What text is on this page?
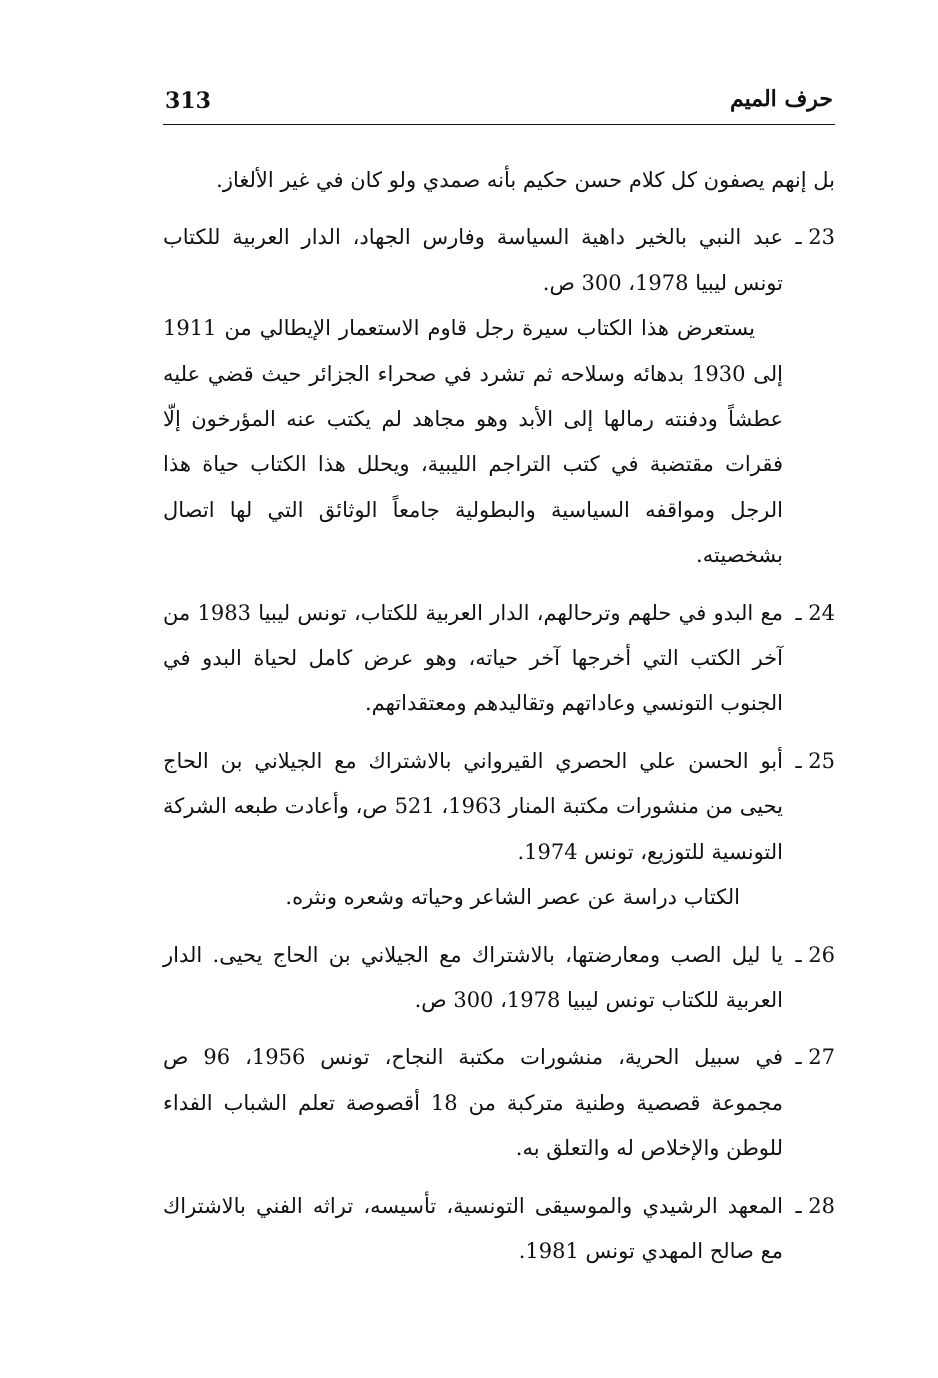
313	حرف الميم

بل إنهم يصفون كل كلام حسن حكيم بأنه صمدي ولو كان في غير الألغاز.

23 ـ
عبد النبي بالخير داهية السياسة وفارس الجهاد، الدار العربية للكتاب تونس ليبيا 1978، 300 ص.

يستعرض هذا الكتاب سيرة رجل قاوم الاستعمار الإيطالي من 1911 إلى 1930 بدهائه وسلاحه ثم تشرد في صحراء الجزائر حيث قضي عليه عطشاً ودفنته رمالها إلى الأبد وهو مجاهد لم يكتب عنه المؤرخون إلّا فقرات مقتضبة في كتب التراجم الليبية، ويحلل هذا الكتاب حياة هذا الرجل ومواقفه السياسية والبطولية جامعاً الوثائق التي لها اتصال بشخصيته.

24 ـ
مع البدو في حلهم وترحالهم، الدار العربية للكتاب، تونس ليبيا 1983 من آخر الكتب التي أخرجها آخر حياته، وهو عرض كامل لحياة البدو في الجنوب التونسي وعاداتهم وتقاليدهم ومعتقداتهم.
25 ـ
أبو الحسن علي الحصري القيرواني بالاشتراك مع الجيلاني بن الحاج يحيى من منشورات مكتبة المنار 1963، 521 ص، وأعادت طبعه الشركة التونسية للتوزيع، تونس 1974.

الكتاب دراسة عن عصر الشاعر وحياته وشعره ونثره.

26 ـ
يا ليل الصب ومعارضتها، بالاشتراك مع الجيلاني بن الحاج يحيى. الدار العربية للكتاب تونس ليبيا 1978، 300 ص.
27 ـ
في سبيل الحرية، منشورات مكتبة النجاح، تونس 1956، 96 ص مجموعة قصصية وطنية متركبة من 18 أقصوصة تعلم الشباب الفداء للوطن والإخلاص له والتعلق به.
28 ـ
المعهد الرشيدي والموسيقى التونسية، تأسيسه، تراثه الفني بالاشتراك مع صالح المهدي تونس 1981.
